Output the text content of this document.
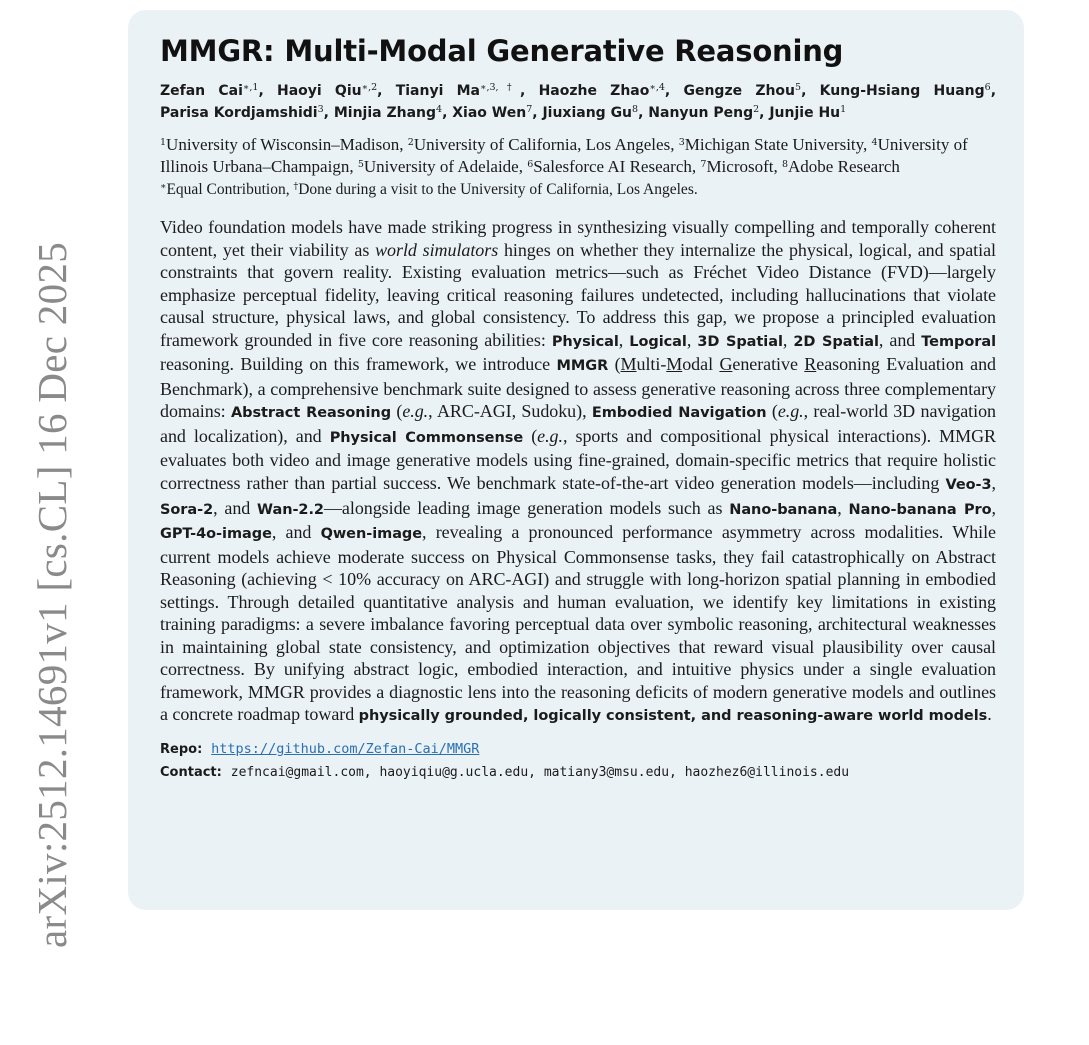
arXiv:2512.14691v1 [cs.CL] 16 Dec 2025
MMGR: Multi-Modal Generative Reasoning
Zefan Cai$^{∗,1}$, Haoyi Qiu$^{∗,2}$, Tianyi $Ma^{∗,3,\dagger}$, Haozhe Zhao$^{∗,4}$, Gengze Zhou$^5$, Kung-Hsiang Huang$^6$, Parisa Kordjamshidi$^3$, Minjia Zhang$^4$, Xiao Wen$^7$, Jiuxiang Gu$^8$, Nanyun Peng$^2$, Junjie Hu$^1$
$^1$University of Wisconsin–Madison, $^2$University of California, Los Angeles, $^3$Michigan State University, $^4$University of Illinois Urbana–Champaign, $^5$University of Adelaide, $^6$Salesforce AI Research, $^7$Microsoft, $^8$Adobe Research
∗Equal Contribution, †Done during a visit to the University of California, Los Angeles.
Video foundation models have made striking progress in synthesizing visually compelling and temporally coherent content, yet their viability as world simulators hinges on whether they internalize the physical, logical, and spatial constraints that govern reality. Existing evaluation metrics—such as Fréchet Video Distance (FVD)—largely emphasize perceptual fidelity, leaving critical reasoning failures undetected, including hallucinations that violate causal structure, physical laws, and global consistency. To address this gap, we propose a principled evaluation framework grounded in five core reasoning abilities: Physical, Logical, 3D Spatial, 2D Spatial, and Temporal reasoning. Building on this framework, we introduce MMGR (Multi-Modal Generative Reasoning Evaluation and Benchmark), a comprehensive benchmark suite designed to assess generative reasoning across three complementary domains: Abstract Reasoning (e.g., ARC-AGI, Sudoku), Embodied Navigation (e.g., real-world 3D navigation and localization), and Physical Commonsense (e.g., sports and compositional physical interactions). MMGR evaluates both video and image generative models using fine-grained, domain-specific metrics that require holistic correctness rather than partial success. We benchmark state-of-the-art video generation models—including Veo-3, Sora-2, and Wan-2.2—alongside leading image generation models such as Nano-banana, Nano-banana Pro, GPT-4o-image, and Qwen-image, revealing a pronounced performance asymmetry across modalities. While current models achieve moderate success on Physical Commonsense tasks, they fail catastrophically on Abstract Reasoning (achieving < 10% accuracy on ARC-AGI) and struggle with long-horizon spatial planning in embodied settings. Through detailed quantitative analysis and human evaluation, we identify key limitations in existing training paradigms: a severe imbalance favoring perceptual data over symbolic reasoning, architectural weaknesses in maintaining global state consistency, and optimization objectives that reward visual plausibility over causal correctness. By unifying abstract logic, embodied interaction, and intuitive physics under a single evaluation framework, MMGR provides a diagnostic lens into the reasoning deficits of modern generative models and outlines a concrete roadmap toward physically grounded, logically consistent, and reasoning-aware world models.
Repo: https://github.com/Zefan-Cai/MMGR
Contact: zefncai@gmail.com, haoyiqiu@g.ucla.edu, matiany3@msu.edu, haozhez6@illinois.edu
